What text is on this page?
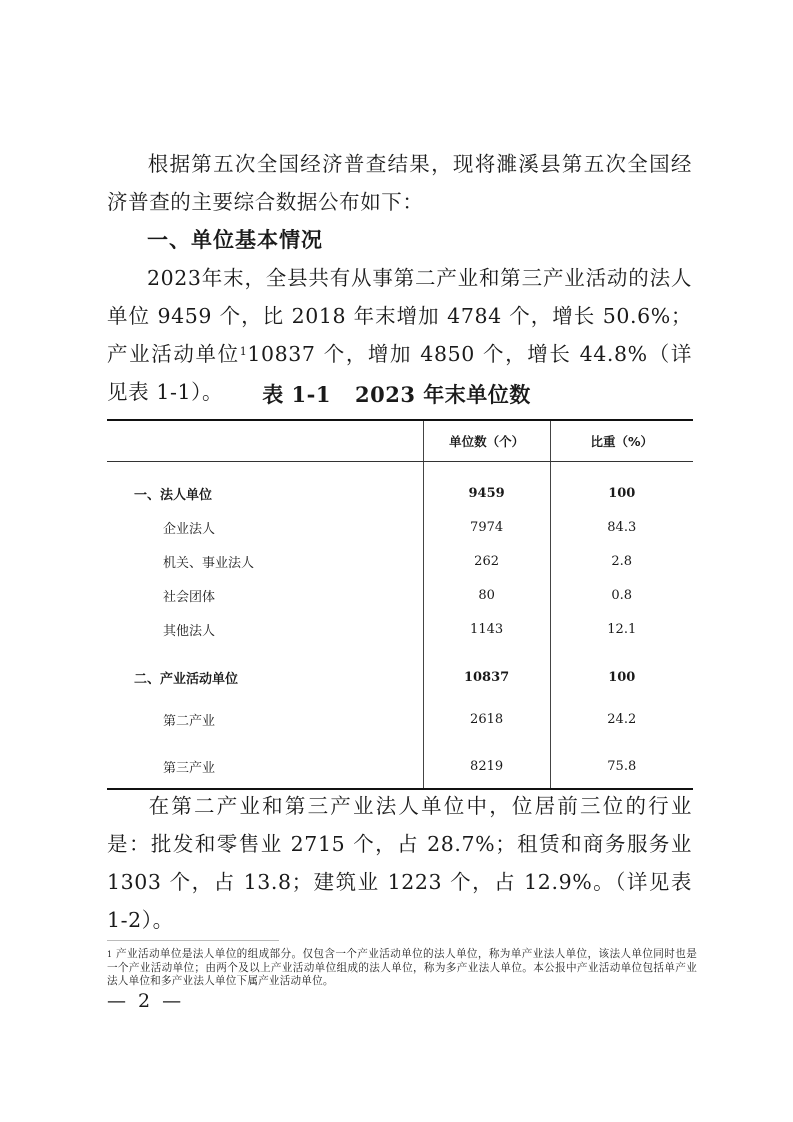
根据第五次全国经济普查结果，现将濉溪县第五次全国经济普查的主要综合数据公布如下：
一、单位基本情况
2023年末，全县共有从事第二产业和第三产业活动的法人单位 9459 个，比 2018 年末增加 4784 个，增长 50.6%；产业活动单位$^1$10837 个，增加 4850 个，增长 44.8%（详见表 1-1）。	表 1-1 2023 年末单位数
	单位数（个）	比重（%）

一、法人单位	9459	100
企业法人	7974	84.3
机关、事业法人	262	2.8
社会团体	80	0.8
其他法人	1143	12.1

二、产业活动单位	10837	100
第二产业	2618	24.2
第三产业	8219	75.8
在第二产业和第三产业法人单位中，位居前三位的行业是：批发和零售业 2715 个，占 28.7%；租赁和商务服务业 1303 个，占 13.8；建筑业 1223 个，占 12.9%。（详见表 1-2）。
$^1$ 产业活动单位是法人单位的组成部分。仅包含一个产业活动单位的法人单位，称为单产业法人单位，该法人单位同时也是一个产业活动单位；由两个及以上产业活动单位组成的法人单位，称为多产业法人单位。本公报中产业活动单位包括单产业法人单位和多产业法人单位下属产业活动单位。
— 2 —
